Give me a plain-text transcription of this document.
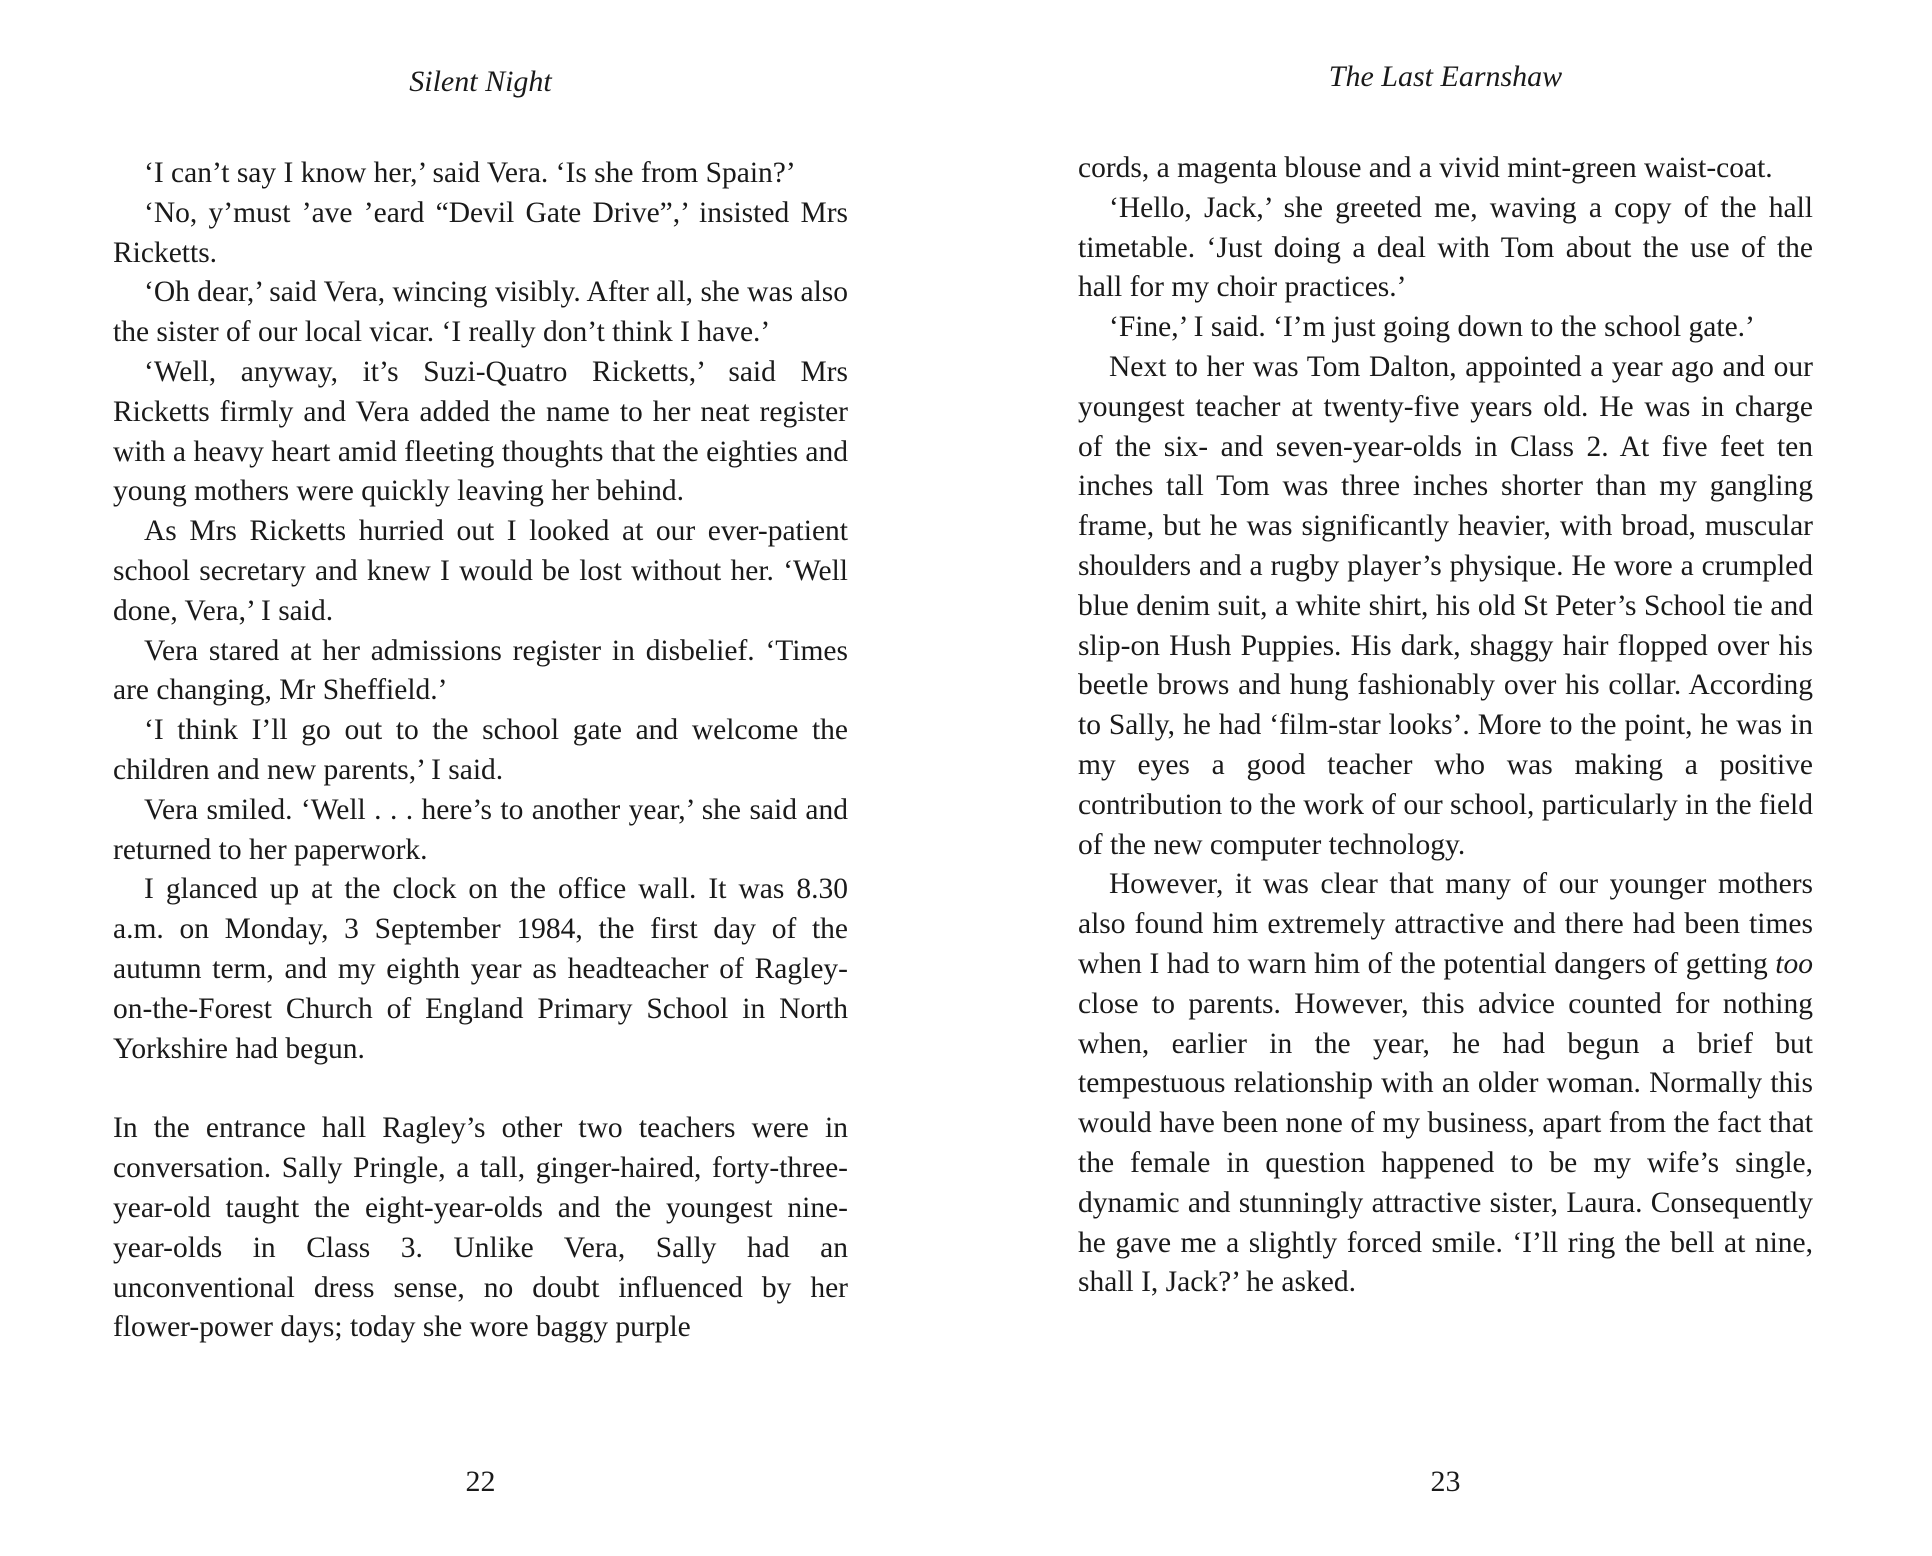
Silent Night

‘I can’t say I know her,’ said Vera. ‘Is she from Spain?’

‘No, y’must ’ave ’eard “Devil Gate Drive”,’ insisted Mrs Ricketts.

‘Oh dear,’ said Vera, wincing visibly. After all, she was also the sister of our local vicar. ‘I really don’t think I have.’

‘Well, anyway, it’s Suzi-Quatro Ricketts,’ said Mrs Ricketts firmly and Vera added the name to her neat register with a heavy heart amid fleeting thoughts that the eighties and young mothers were quickly leaving her behind.

As Mrs Ricketts hurried out I looked at our ever-patient school secretary and knew I would be lost without her. ‘Well done, Vera,’ I said.

Vera stared at her admissions register in disbelief. ‘Times are changing, Mr Sheffield.’

‘I think I’ll go out to the school gate and welcome the children and new parents,’ I said.

Vera smiled. ‘Well . . . here’s to another year,’ she said and returned to her paperwork.

I glanced up at the clock on the office wall. It was 8.30 a.m. on Monday, 3 September 1984, the first day of the autumn term, and my eighth year as headteacher of Ragley-on-the-Forest Church of England Primary School in North Yorkshire had begun.

In the entrance hall Ragley’s other two teachers were in conversation. Sally Pringle, a tall, ginger-haired, forty-three-year-old taught the eight-year-olds and the youngest nine-year-olds in Class 3. Unlike Vera, Sally had an unconventional dress sense, no doubt influenced by her flower-power days; today she wore baggy purple

22
The Last Earnshaw

cords, a magenta blouse and a vivid mint-green waist-coat.

‘Hello, Jack,’ she greeted me, waving a copy of the hall timetable. ‘Just doing a deal with Tom about the use of the hall for my choir practices.’

‘Fine,’ I said. ‘I’m just going down to the school gate.’

Next to her was Tom Dalton, appointed a year ago and our youngest teacher at twenty-five years old. He was in charge of the six- and seven-year-olds in Class 2. At five feet ten inches tall Tom was three inches shorter than my gangling frame, but he was significantly heavier, with broad, muscular shoulders and a rugby player’s physique. He wore a crumpled blue denim suit, a white shirt, his old St Peter’s School tie and slip-on Hush Puppies. His dark, shaggy hair flopped over his beetle brows and hung fashionably over his collar. According to Sally, he had ‘film-star looks’. More to the point, he was in my eyes a good teacher who was making a positive contribution to the work of our school, particularly in the field of the new computer technology.

However, it was clear that many of our younger mothers also found him extremely attractive and there had been times when I had to warn him of the potential dangers of getting too close to parents. However, this advice counted for nothing when, earlier in the year, he had begun a brief but tempestuous relationship with an older woman. Normally this would have been none of my business, apart from the fact that the female in question happened to be my wife’s single, dynamic and stunningly attractive sister, Laura. Consequently he gave me a slightly forced smile. ‘I’ll ring the bell at nine, shall I, Jack?’ he asked.

23
